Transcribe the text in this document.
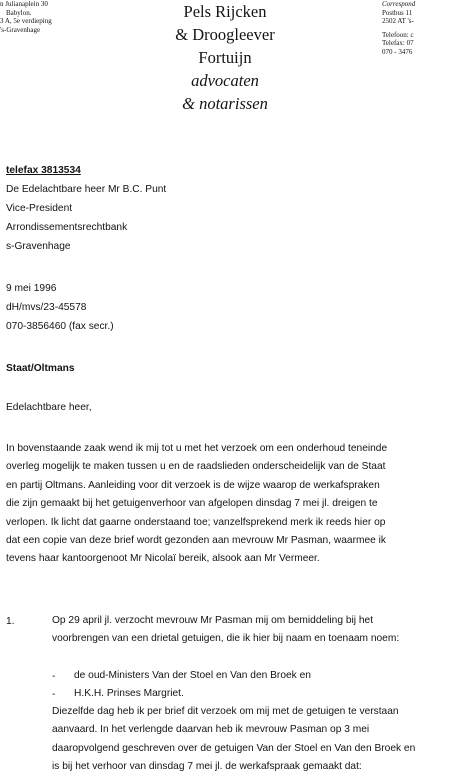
n Julianaplein 30
Babylon.
3 A, 5e verdieping
's-Gravenhage
Pels Rijcken
& Droogleever
Fortuijn
advocaten
& notarissen
Correspond
Postbus 11
2502 AT 's-
Telefoon: c
Telefax: 07
070 - 3476
telefax 3813534
De Edelachtbare heer Mr B.C. Punt
Vice-President
Arrondissementsrechtbank
s-Gravenhage
9 mei 1996
dH/mvs/23-45578
070-3856460 (fax secr.)
Staat/Oltmans
Edelachtbare heer,
In bovenstaande zaak wend ik mij tot u met het verzoek om een onderhoud teneinde
overleg mogelijk te maken tussen u en de raadslieden onderscheidelijk van de Staat
en partij Oltmans. Aanleiding voor dit verzoek is de wijze waarop de werkafspraken
die zijn gemaakt bij het getuigenverhoor van afgelopen dinsdag 7 mei jl. dreigen te
verlopen. Ik licht dat gaarne onderstaand toe; vanzelfsprekend merk ik reeds hier op
dat een copie van deze brief wordt gezonden aan mevrouw Mr Pasman, waarmee ik
tevens haar kantoorgenoot Mr Nicolaï bereik, alsook aan Mr Vermeer.
1.	Op 29 april jl. verzocht mevrouw Mr Pasman mij om bemiddeling bij het
voorbrengen van een drietal getuigen, die ik hier bij naam en toenaam noem:
- de oud-Ministers Van der Stoel en Van den Broek en
- H.K.H. Prinses Margriet.
Diezelfde dag heb ik per brief dit verzoek om mij met de getuigen te verstaan
aanvaard. In het verlengde daarvan heb ik mevrouw Pasman op 3 mei
daaropvolgend geschreven over de getuigen Van der Stoel en Van den Broek en
is bij het verhoor van dinsdag 7 mei jl. de werkafspraak gemaakt dat:
